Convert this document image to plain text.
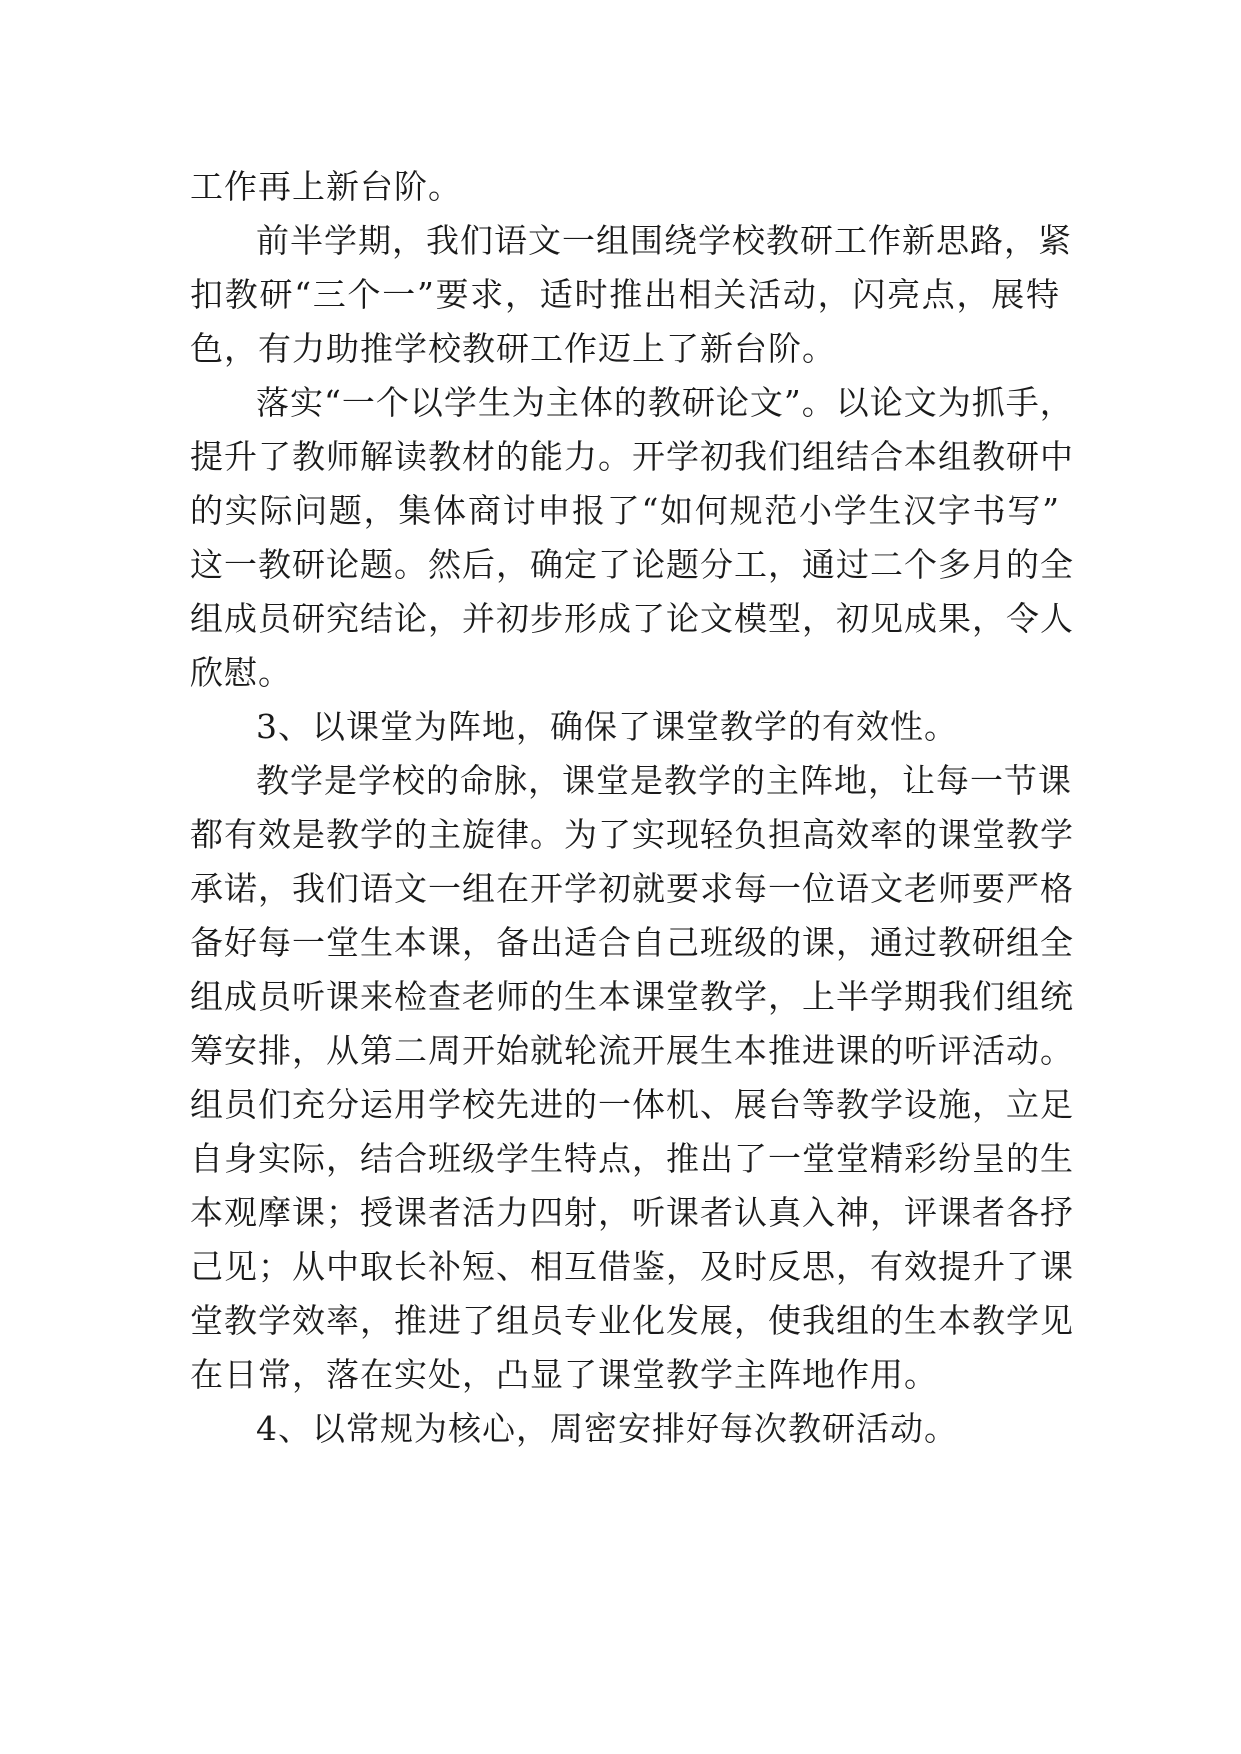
工作再上新台阶。
前半学期，我们语文一组围绕学校教研工作新思路，紧
扣教研“三个一”要求，适时推出相关活动，闪亮点，展特
色，有力助推学校教研工作迈上了新台阶。
落实“一个以学生为主体的教研论文”。以论文为抓手，
提升了教师解读教材的能力。开学初我们组结合本组教研中
的实际问题，集体商讨申报了“如何规范小学生汉字书写”
这一教研论题。然后，确定了论题分工，通过二个多月的全
组成员研究结论，并初步形成了论文模型，初见成果，令人
欣慰。
3、以课堂为阵地，确保了课堂教学的有效性。
教学是学校的命脉，课堂是教学的主阵地，让每一节课
都有效是教学的主旋律。为了实现轻负担高效率的课堂教学
承诺，我们语文一组在开学初就要求每一位语文老师要严格
备好每一堂生本课，备出适合自己班级的课，通过教研组全
组成员听课来检查老师的生本课堂教学，上半学期我们组统
筹安排，从第二周开始就轮流开展生本推进课的听评活动。
组员们充分运用学校先进的一体机、展台等教学设施，立足
自身实际，结合班级学生特点，推出了一堂堂精彩纷呈的生
本观摩课；授课者活力四射，听课者认真入神，评课者各抒
己见；从中取长补短、相互借鉴，及时反思，有效提升了课
堂教学效率，推进了组员专业化发展，使我组的生本教学见
在日常，落在实处，凸显了课堂教学主阵地作用。
4、以常规为核心，周密安排好每次教研活动。
